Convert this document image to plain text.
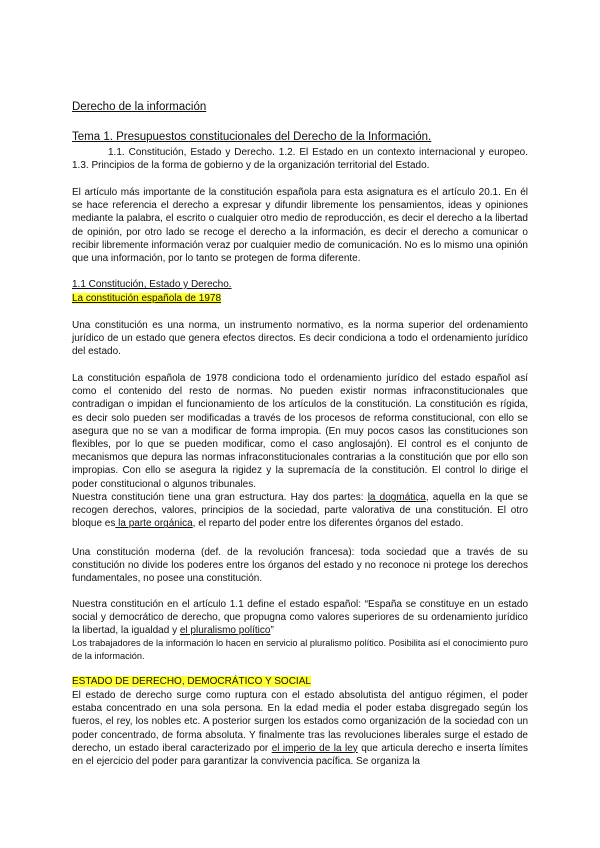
Derecho de la información
Tema 1. Presupuestos constitucionales del Derecho de la Información.
1.1. Constitución, Estado y Derecho. 1.2. El Estado en un contexto internacional y europeo. 1.3. Principios de la forma de gobierno y de la organización territorial del Estado.
El artículo más importante de la constitución española para esta asignatura es el artículo 20.1. En él se hace referencia el derecho a expresar y difundir libremente los pensamientos, ideas y opiniones mediante la palabra, el escrito o cualquier otro medio de reproducción, es decir el derecho a la libertad de opinión, por otro lado se recoge el derecho a la información, es decir el derecho a comunicar o recibir libremente información veraz por cualquier medio de comunicación. No es lo mismo una opinión que una información, por lo tanto se protegen de forma diferente.
1.1 Constitución, Estado y Derecho.
La constitución española de 1978
Una constitución es una norma, un instrumento normativo, es la norma superior del ordenamiento jurídico de un estado que genera efectos directos. Es decir condiciona a todo el ordenamiento jurídico del estado.
La constitución española de 1978 condiciona todo el ordenamiento jurídico del estado español así como el contenido del resto de normas. No pueden existir normas infraconstitucionales que contradigan o impidan el funcionamiento de los artículos de la constitución. La constitución es rígida, es decir solo pueden ser modificadas a través de los procesos de reforma constitucional, con ello se asegura que no se van a modificar de forma impropia. (En muy pocos casos las constituciones son flexibles, por lo que se pueden modificar, como el caso anglosajón). El control es el conjunto de mecanismos que depura las normas infraconstitucionales contrarias a la constitución que por ello son impropias. Con ello se asegura la rigidez y la supremacía de la constitución. El control lo dirige el poder constitucional o algunos tribunales.
Nuestra constitución tiene una gran estructura. Hay dos partes: la dogmática, aquella en la que se recogen derechos, valores, principios de la sociedad, parte valorativa de una constitución. El otro bloque es la parte orgánica, el reparto del poder entre los diferentes órganos del estado.
Una constitución moderna (def. de la revolución francesa): toda sociedad que a través de su constitución no divide los poderes entre los órganos del estado y no reconoce ni protege los derechos fundamentales, no posee una constitución.
Nuestra constitución en el artículo 1.1 define el estado español: “España se constituye en un estado social y democrático de derecho, que propugna como valores superiores de su ordenamiento jurídico la libertad, la igualdad y el pluralismo político”
Los trabajadores de la información lo hacen en servicio al pluralismo político. Posibilita así el conocimiento puro de la información.
ESTADO DE DERECHO, DEMOCRÁTICO Y SOCIAL
El estado de derecho surge como ruptura con el estado absolutista del antiguo régimen, el poder estaba concentrado en una sola persona. En la edad media el poder estaba disgregado según los fueros, el rey, los nobles etc. A posterior surgen los estados como organización de la sociedad con un poder concentrado, de forma absoluta. Y finalmente tras las revoluciones liberales surge el estado de derecho, un estado iberal caracterizado por el imperio de la ley que articula derecho e inserta límites en el ejercicio del poder para garantizar la convivencia pacífica. Se organiza la
